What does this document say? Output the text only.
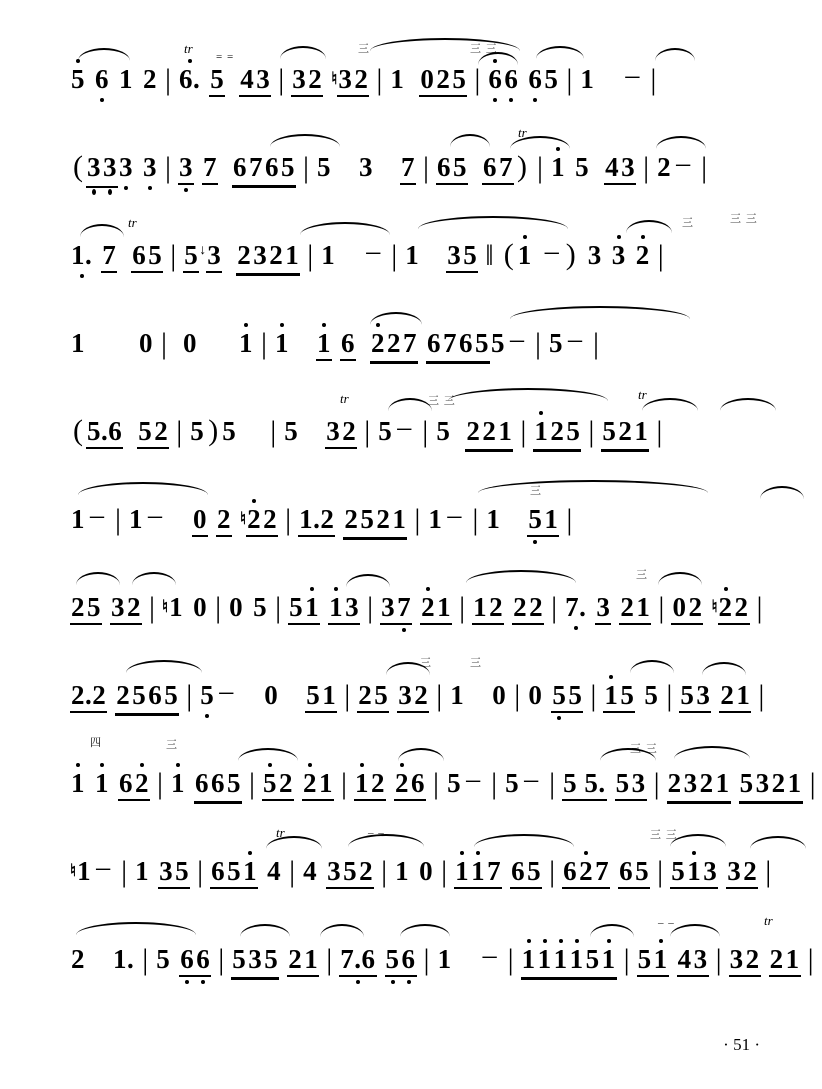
tr
= =
三	三 三
5 6 1 2 | 6. 5 4 3 | 3 2 ♮ 3 2 | 1 0 2 5 | 6 6 6 5 | 1 – |
tr
( 3 3 3 3 | 3 7 6 7 6 5 | 5 3 7 | 6 5 6 7 ) | 1 5 4 3 | 2 – |
tr	三	三 三
1. 7 6 5 | 5 ↓ 3 2 3 2 1 | 1 – | 1 3 5 ‖ ( 1 – ) 3 3 2 |
1 0 | 0 1 | 1 1 6 2 2 7 6 7 6 5 5 – | 5 – |
tr	tr
三 三
( 5.6 5 2 | 5 ) 5 | 5 3 2 | 5 – | 5 2 2 1 | 1 2 5 | 5 2 1 |
三
1 – | 1 – 0 2 ♮ 2 2 | 1.2 2 5 2 1 | 1 – | 1 5 1 |
三
2 5 3 2 | ♮ 1 0 | 0 5 | 5 1 1 3 | 3 7 2 1 | 1 2 2 2 | 7. 3 2 1 | 0 2 ♮ 2 2 |
三	三
2.2 2 5 6 5 | 5 – 0 5 1 | 2 5 3 2 | 1 0 | 0 5 5 | 1 5 5 | 5 3 2 1 |
四	三	三 三
1 1 6 2 | 1 6 6 5 | 5 2 2 1 | 1 2 2 6 | 5 – | 5 – | 5 5. 5 3 | 2 3 2 1 5 3 2 1 |
tr	– –	三 三
♮ 1 – | 1 3 5 | 6 5 1 4 | 4 3 5 2 | 1 0 | 1 1 7 6 5 | 6 2 7 6 5 | 5 1 3 3 2 |
tr
– –
2 1. | 5 6 6 | 5 3 5 2 1 | 7.6 5 6 | 1 – | 1 1 1 1 5 1 | 5 1 4 3 | 3 2 2 1 |
· 51 ·
